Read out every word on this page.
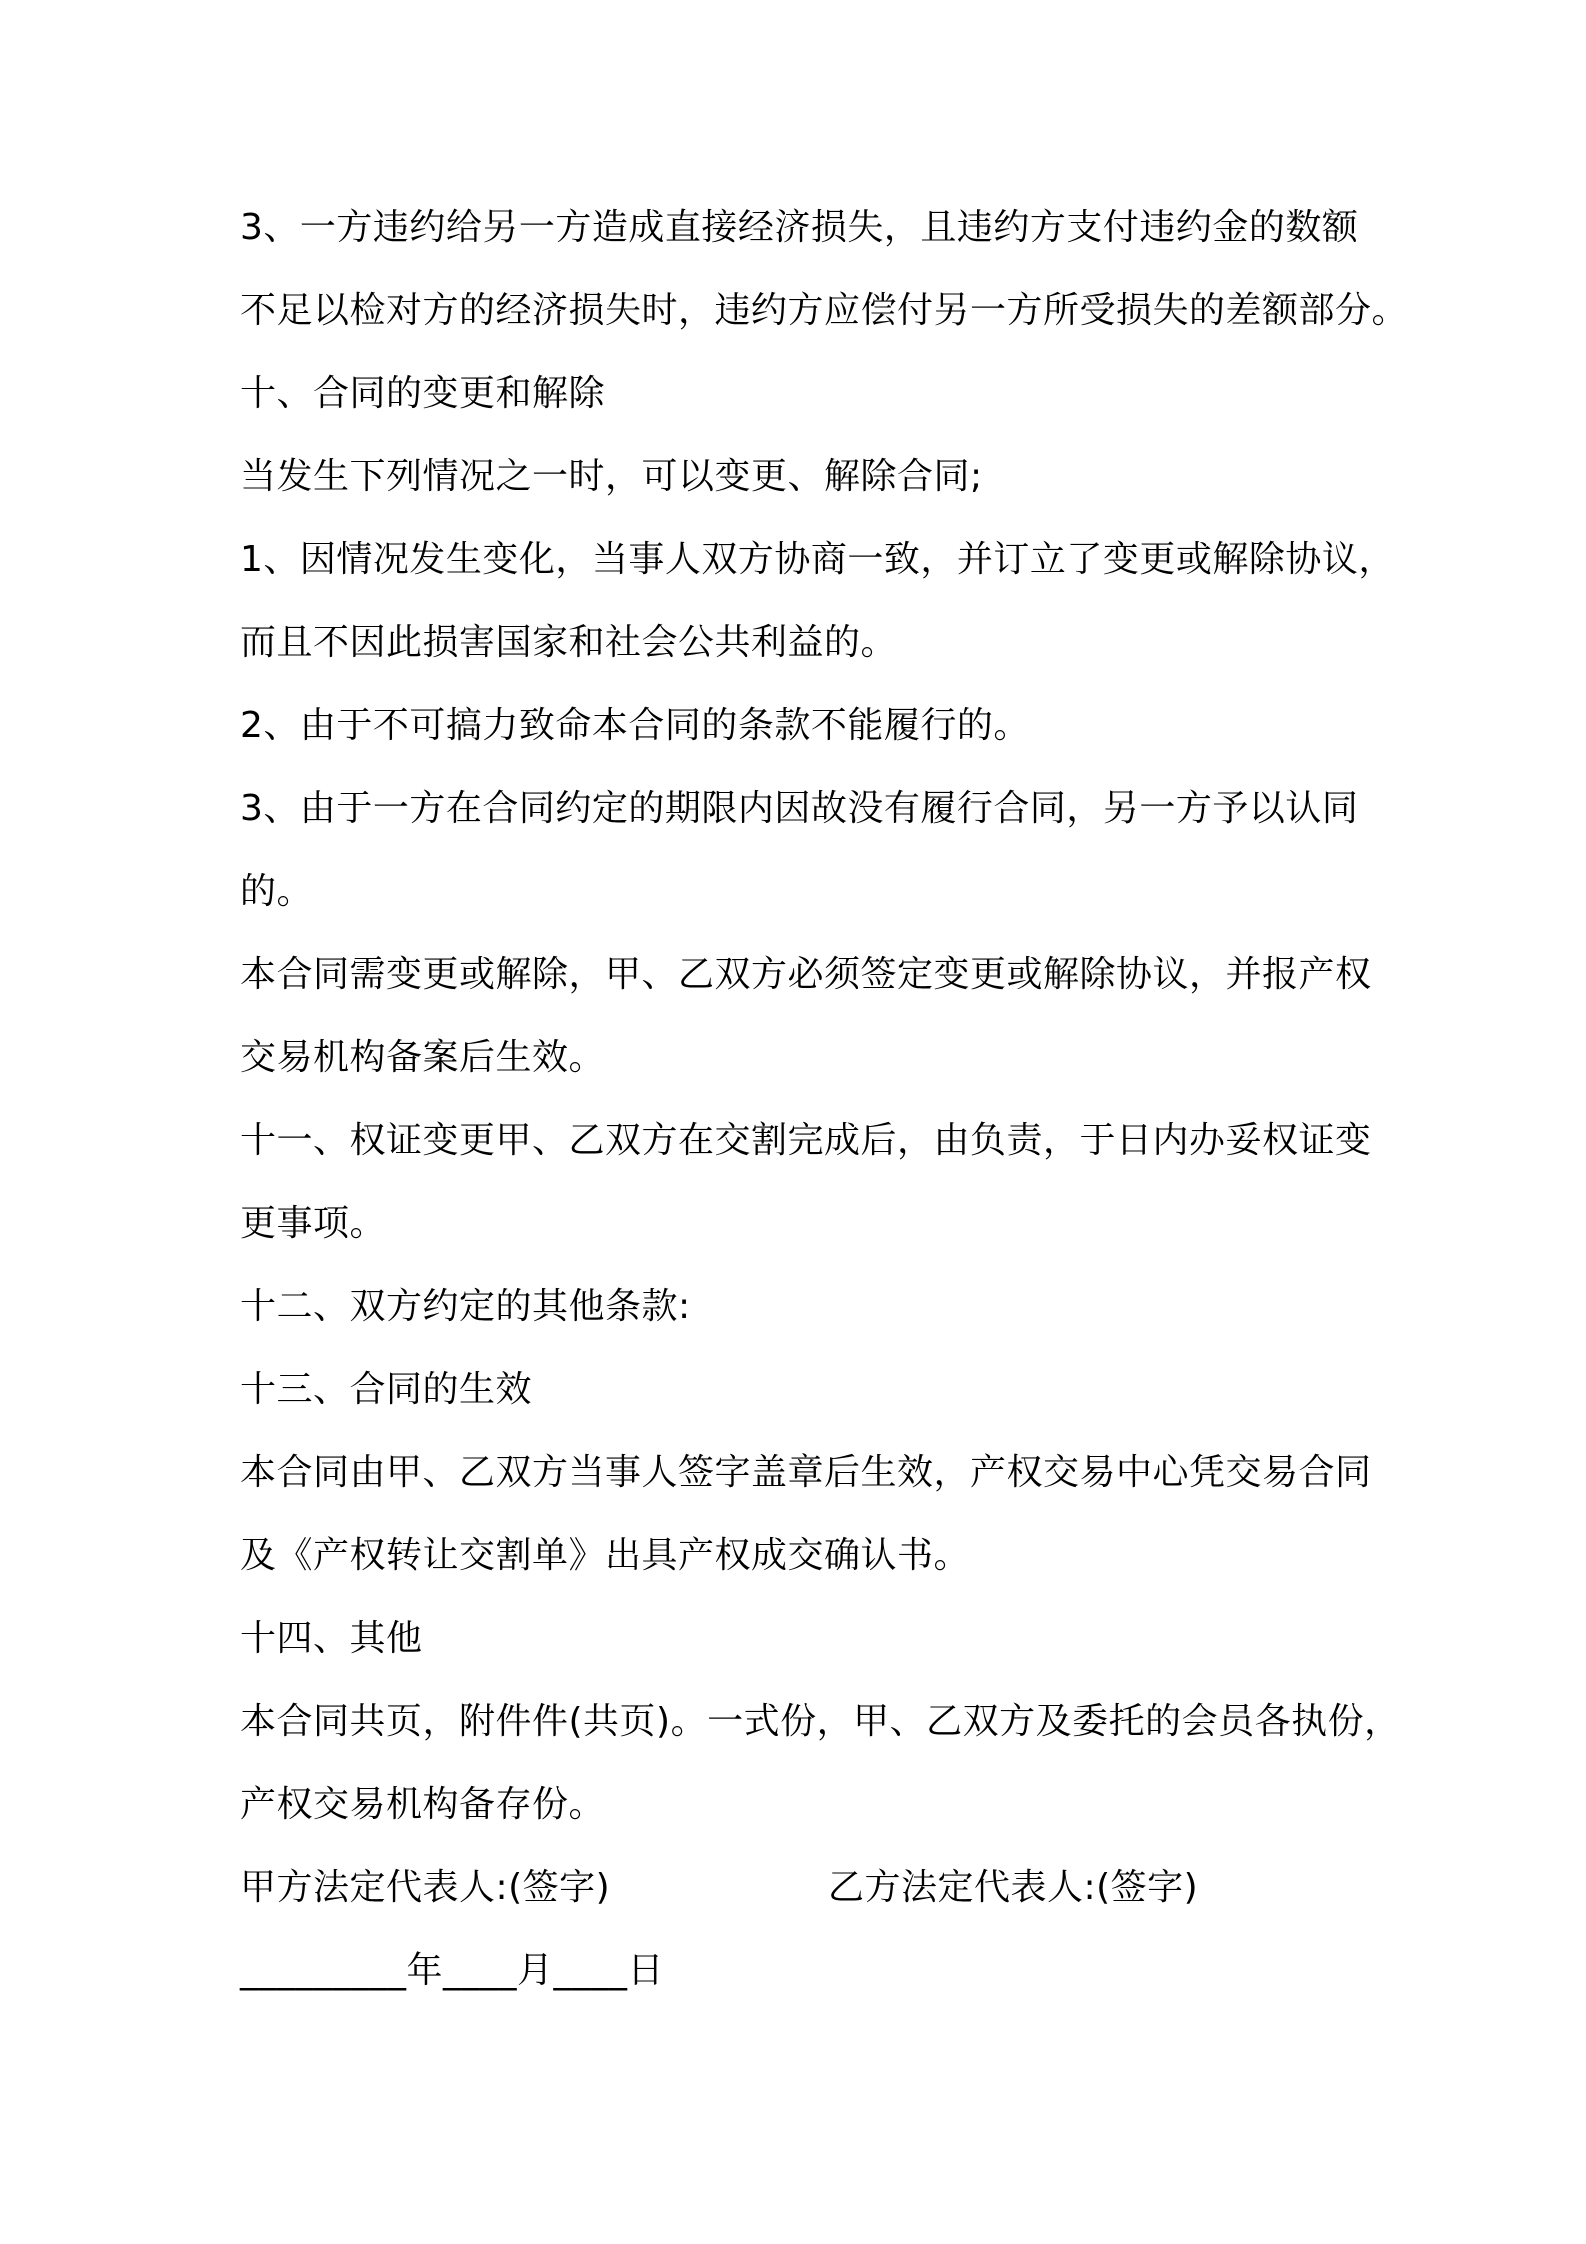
3、一方违约给另一方造成直接经济损失，且违约方支付违约金的数额
不足以检对方的经济损失时，违约方应偿付另一方所受损失的差额部分。
十、合同的变更和解除
当发生下列情况之一时，可以变更、解除合同;
1、因情况发生变化，当事人双方协商一致，并订立了变更或解除协议，
而且不因此损害国家和社会公共利益的。
2、由于不可搞力致命本合同的条款不能履行的。
3、由于一方在合同约定的期限内因故没有履行合同，另一方予以认同
的。
本合同需变更或解除，甲、乙双方必须签定变更或解除协议，并报产权
交易机构备案后生效。
十一、权证变更甲、乙双方在交割完成后，由负责，于日内办妥权证变
更事项。
十二、双方约定的其他条款:
十三、合同的生效
本合同由甲、乙双方当事人签字盖章后生效，产权交易中心凭交易合同
及《产权转让交割单》出具产权成交确认书。
十四、其他
本合同共页，附件件(共页)。一式份，甲、乙双方及委托的会员各执份，
产权交易机构备存份。
甲方法定代表人:(签字)	乙方法定代表人:(签字)
_________年____月____日
